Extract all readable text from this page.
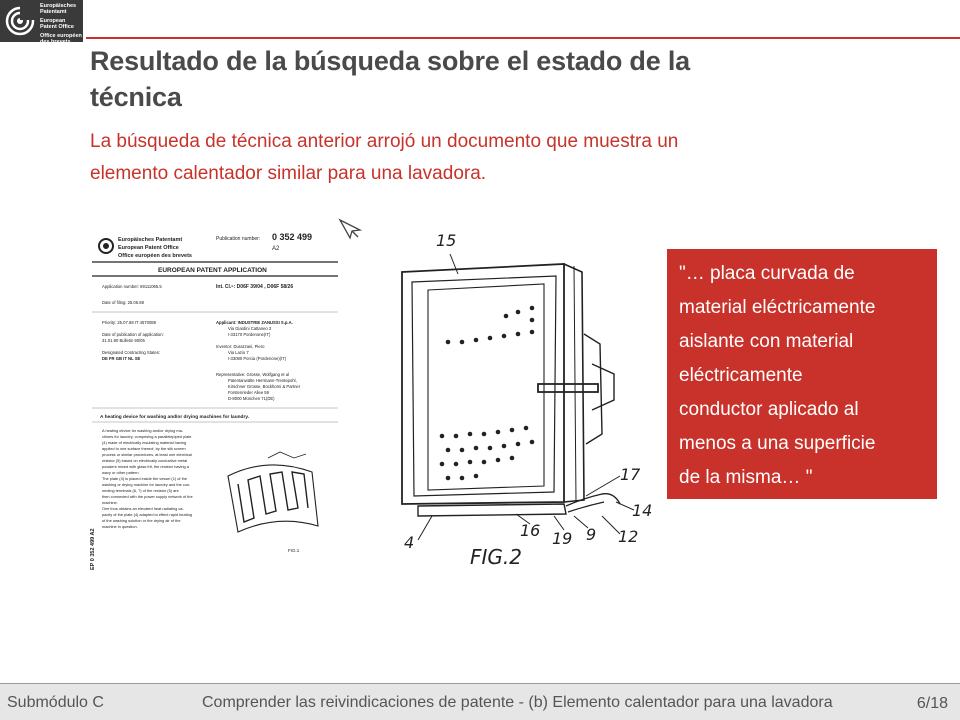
Europäisches
Patentamt
European
Patent Office
Office européen
des brevets
Resultado de la búsqueda sobre el estado de la
técnica
La búsqueda de técnica anterior arrojó un documento que muestra un
elemento calentador similar para una lavadora.
Europäisches Patentamt
European Patent Office
Office européen des brevets
Publication number: 0 352 499
A2
EUROPEAN PATENT APPLICATION
Application number: 89111065.5
Date of filing: 25.06.88
Int. Cl.⁵: D06F 39/04 , D06F 58/26
Priority: 25.07.88 IT 4570088
Date of publication of application:
31.01.90 Bulletin 90/05
Designated Contracting States:
DE FR GB IT NL SE
Applicant: INDUSTRIE ZANUSSI S.p.A.
Via Giardini Cattaneo 3
I-33170 Pordenone(IT)
Inventor: Durazzani, Piero
Via Lazio 7
I-33080 Porcia (Pordenone)(IT)
Representative: Grosse, Wolfgang et al
Patentanwälte Herrmann-Trentepohl,
Kirschner Grosse, Bockhorni & Partner
Forstenrieder Allee 59
D-8000 München 71(DE)
A heating device for washing and/or drying machines for laundry.
A heating device for washing and/or drying ma-
chines for laundry, comprising a parallelepiped plate
(4) made of electrically insulating material having
applied to one surface thereof, by the silk screen
process or similar procedures, at least one electrical
resistor (5) based on electrically conductive metal
powders mixed with glass frit, the resistor having a
wavy or other pattern.
The plate (4) is placed inside the vessel (1) of the
washing or drying machine for laundry and the con-
necting terminals (6, 7) of the resistor (5) are
then connected with the power supply network of the
machine.
One thus obtains an elevated heat radiating ca-
pacity of the plate (4) adapted to effect rapid heating
of the washing solution or the drying air of the
machine in question.
FIG.1
EP 0 352 499 A2
15
17
14
4
16 19 9 12
FIG.2
"… placa curvada de
material eléctricamente
aislante con material
eléctricamente
conductor aplicado al
menos a una superficie
de la misma… "
Submódulo C	Comprender las reivindicaciones de patente - (b) Elemento calentador para una lavadora	6/18
